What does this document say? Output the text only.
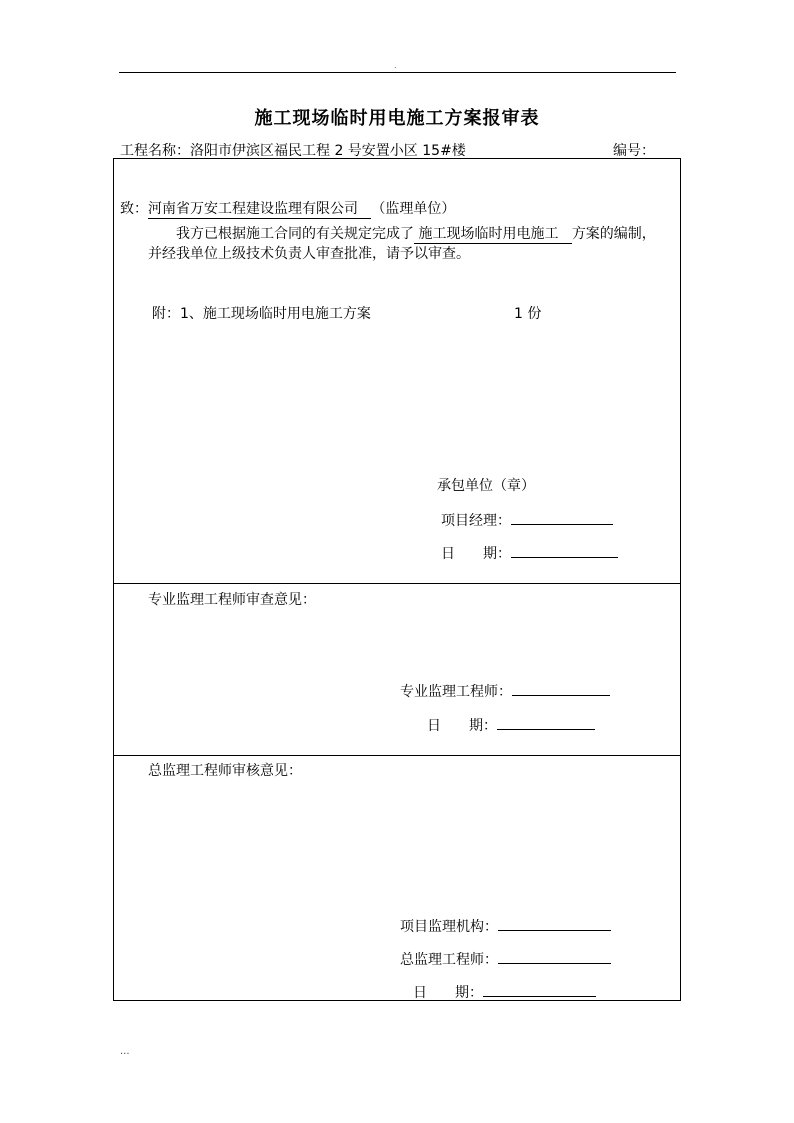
.
施工现场临时用电施工方案报审表
工程名称：洛阳市伊滨区福民工程 2 号安置小区 15#楼	编号：
致：河南省万安工程建设监理有限公司 （监理单位）
我方已根据施工合同的有关规定完成了 施工现场临时用电施工 方案的编制，
并经我单位上级技术负责人审查批准，请予以审查。
附：1、施工现场临时用电施工方案	1 份
承包单位（章）
项目经理：
日　　期：
专业监理工程师审查意见：
专业监理工程师：
日　　期：
总监理工程师审核意见：
项目监理机构：
总监理工程师：
日　　期：
...
